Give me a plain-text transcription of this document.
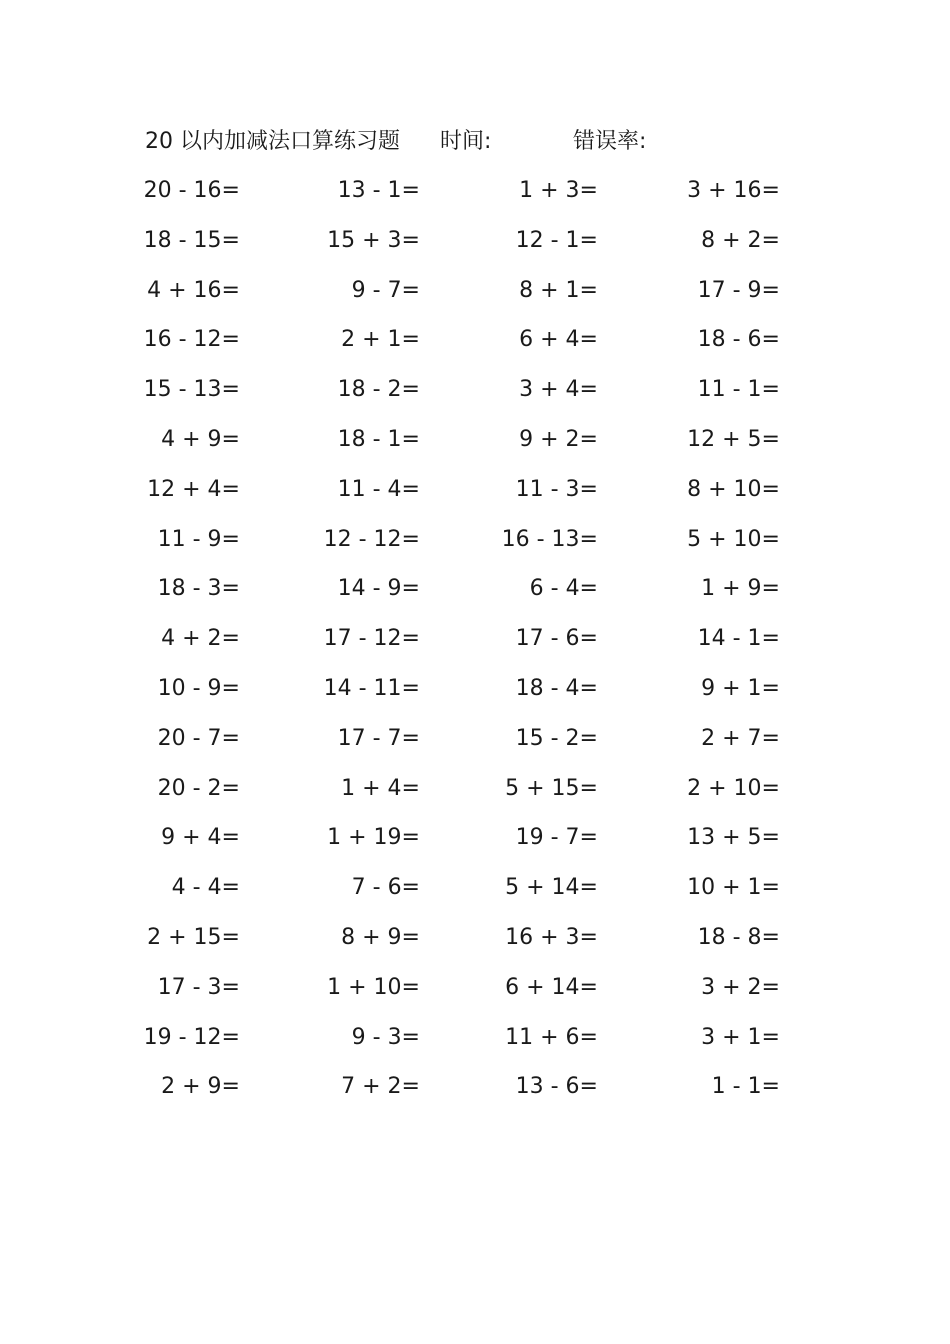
20 以内加减法口算练习题 时间:	错误率:
20 - 16=	13 - 1=	1 + 3=	3 + 16=
18 - 15=	15 + 3=	12 - 1=	8 + 2=
4 + 16=	9 - 7=	8 + 1=	17 - 9=
16 - 12=	2 + 1=	6 + 4=	18 - 6=
15 - 13=	18 - 2=	3 + 4=	11 - 1=
4 + 9=	18 - 1=	9 + 2=	12 + 5=
12 + 4=	11 - 4=	11 - 3=	8 + 10=
11 - 9=	12 - 12=	16 - 13=	5 + 10=
18 - 3=	14 - 9=	6 - 4=	1 + 9=
4 + 2=	17 - 12=	17 - 6=	14 - 1=
10 - 9=	14 - 11=	18 - 4=	9 + 1=
20 - 7=	17 - 7=	15 - 2=	2 + 7=
20 - 2=	1 + 4=	5 + 15=	2 + 10=
9 + 4=	1 + 19=	19 - 7=	13 + 5=
4 - 4=	7 - 6=	5 + 14=	10 + 1=
2 + 15=	8 + 9=	16 + 3=	18 - 8=
17 - 3=	1 + 10=	6 + 14=	3 + 2=
19 - 12=	9 - 3=	11 + 6=	3 + 1=
2 + 9=	7 + 2=	13 - 6=	1 - 1=
